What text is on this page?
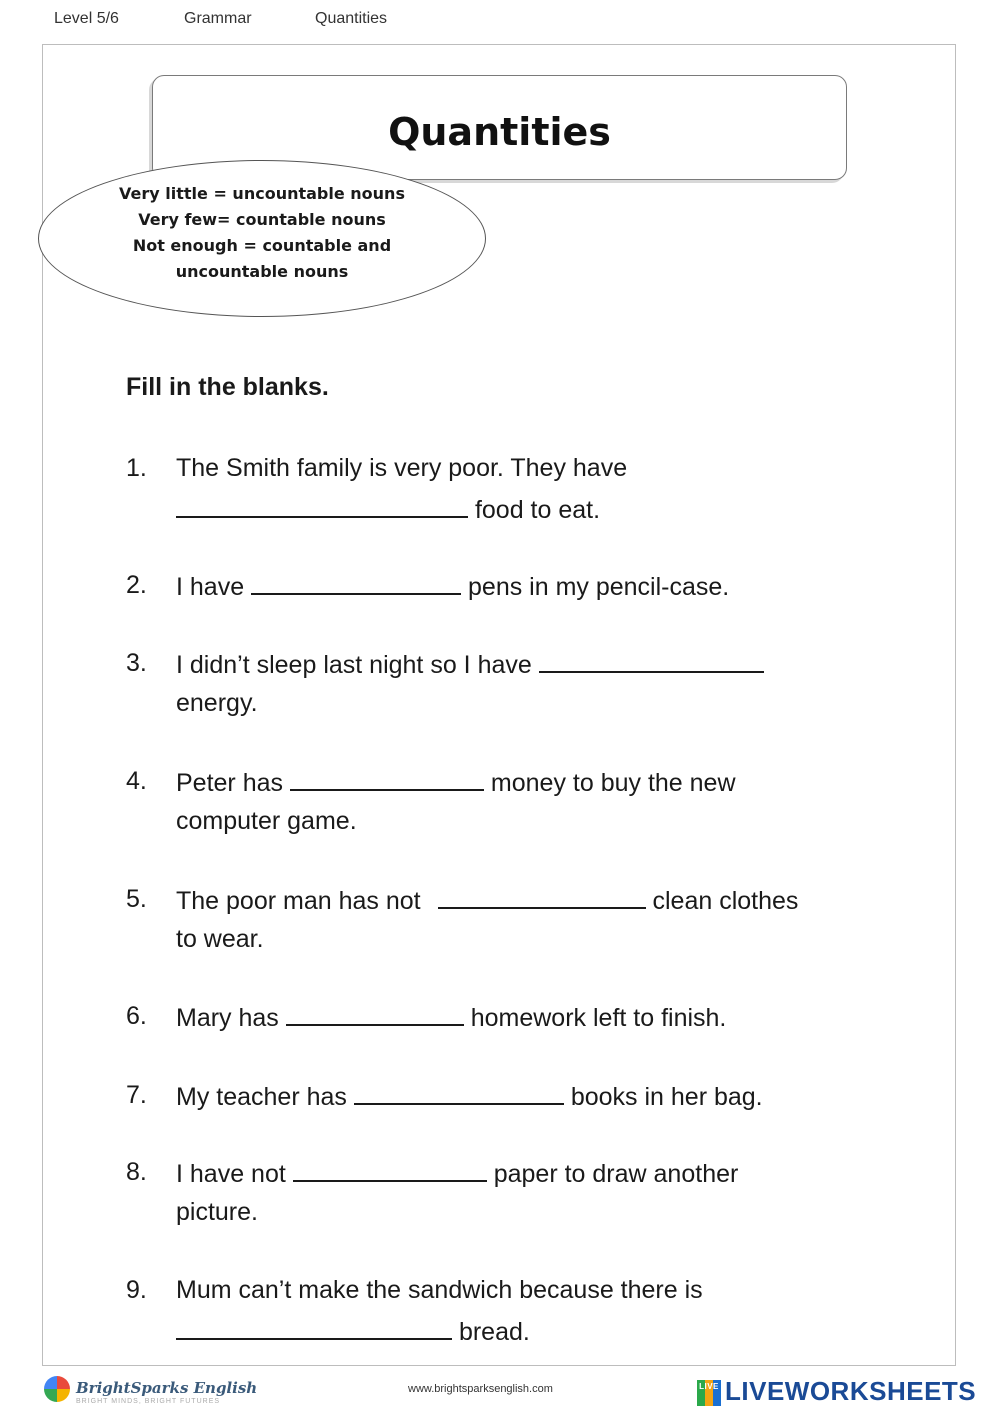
Level 5/6	Grammar	Quantities
Quantities
Very little = uncountable nouns
Very few= countable nouns
Not enough = countable and
uncountable nouns
Fill in the blanks.
1. The Smith family is very poor. They have
food to eat.
2. I have	pens in my pencil-case.
3. I didn’t sleep last night so I have
energy.
4. Peter has	money to buy the new
computer game.
5. The poor man has not	clean clothes
to wear.
6. Mary has	homework left to finish.
7. My teacher has	books in her bag.
8. I have not	paper to draw another
picture.
9. Mum can’t make the sandwich because there is
bread.
BrightSparks English
BRIGHT MINDS, BRIGHT FUTURES
www.brightsparksenglish.com	LIVE LIVEWORKSHEETS
